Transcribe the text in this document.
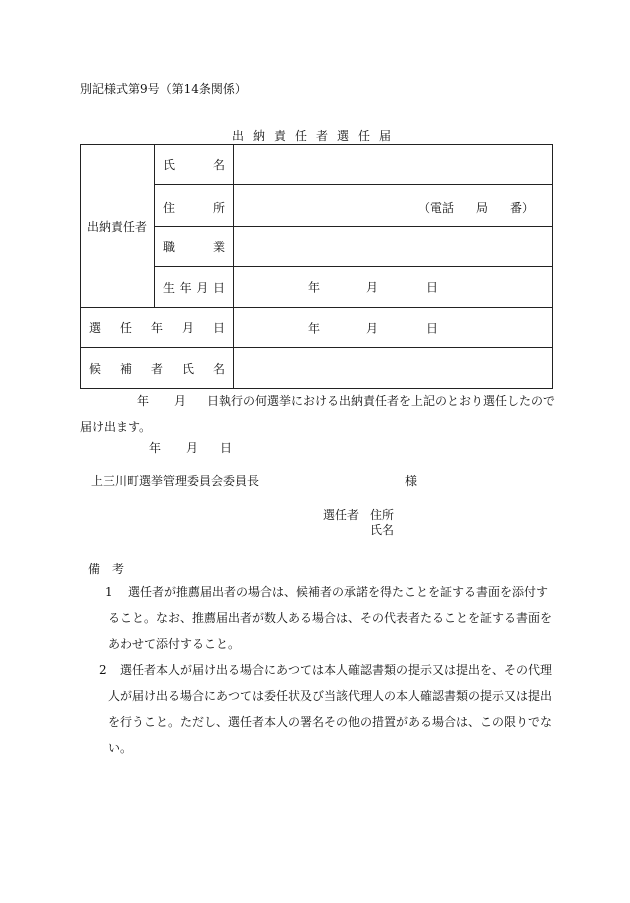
別記様式第9号（第14条関係）
出納責任者選任届
出納責任者	氏 名	

	住 所	（電話 局 番）

	職 業	

	生 年 月 日	年 月 日

選 任 年 月 日		年 月 日

候 補 者 氏 名		

年 月 日執行の何選挙における出納責任者を上記のとおり選任したので
届け出ます。
年 月 日
上三川町選挙管理委員会委員長	様
選任者 住所
氏名
備　考
1 選任者が推薦届出者の場合は、候補者の承諾を得たことを証する書面を添付す
ること。なお、推薦届出者が数人ある場合は、その代表者たることを証する書面を
あわせて添付すること。
2 選任者本人が届け出る場合にあつては本人確認書類の提示又は提出を、その代理
人が届け出る場合にあつては委任状及び当該代理人の本人確認書類の提示又は提出
を行うこと。ただし、選任者本人の署名その他の措置がある場合は、この限りでな
い。
